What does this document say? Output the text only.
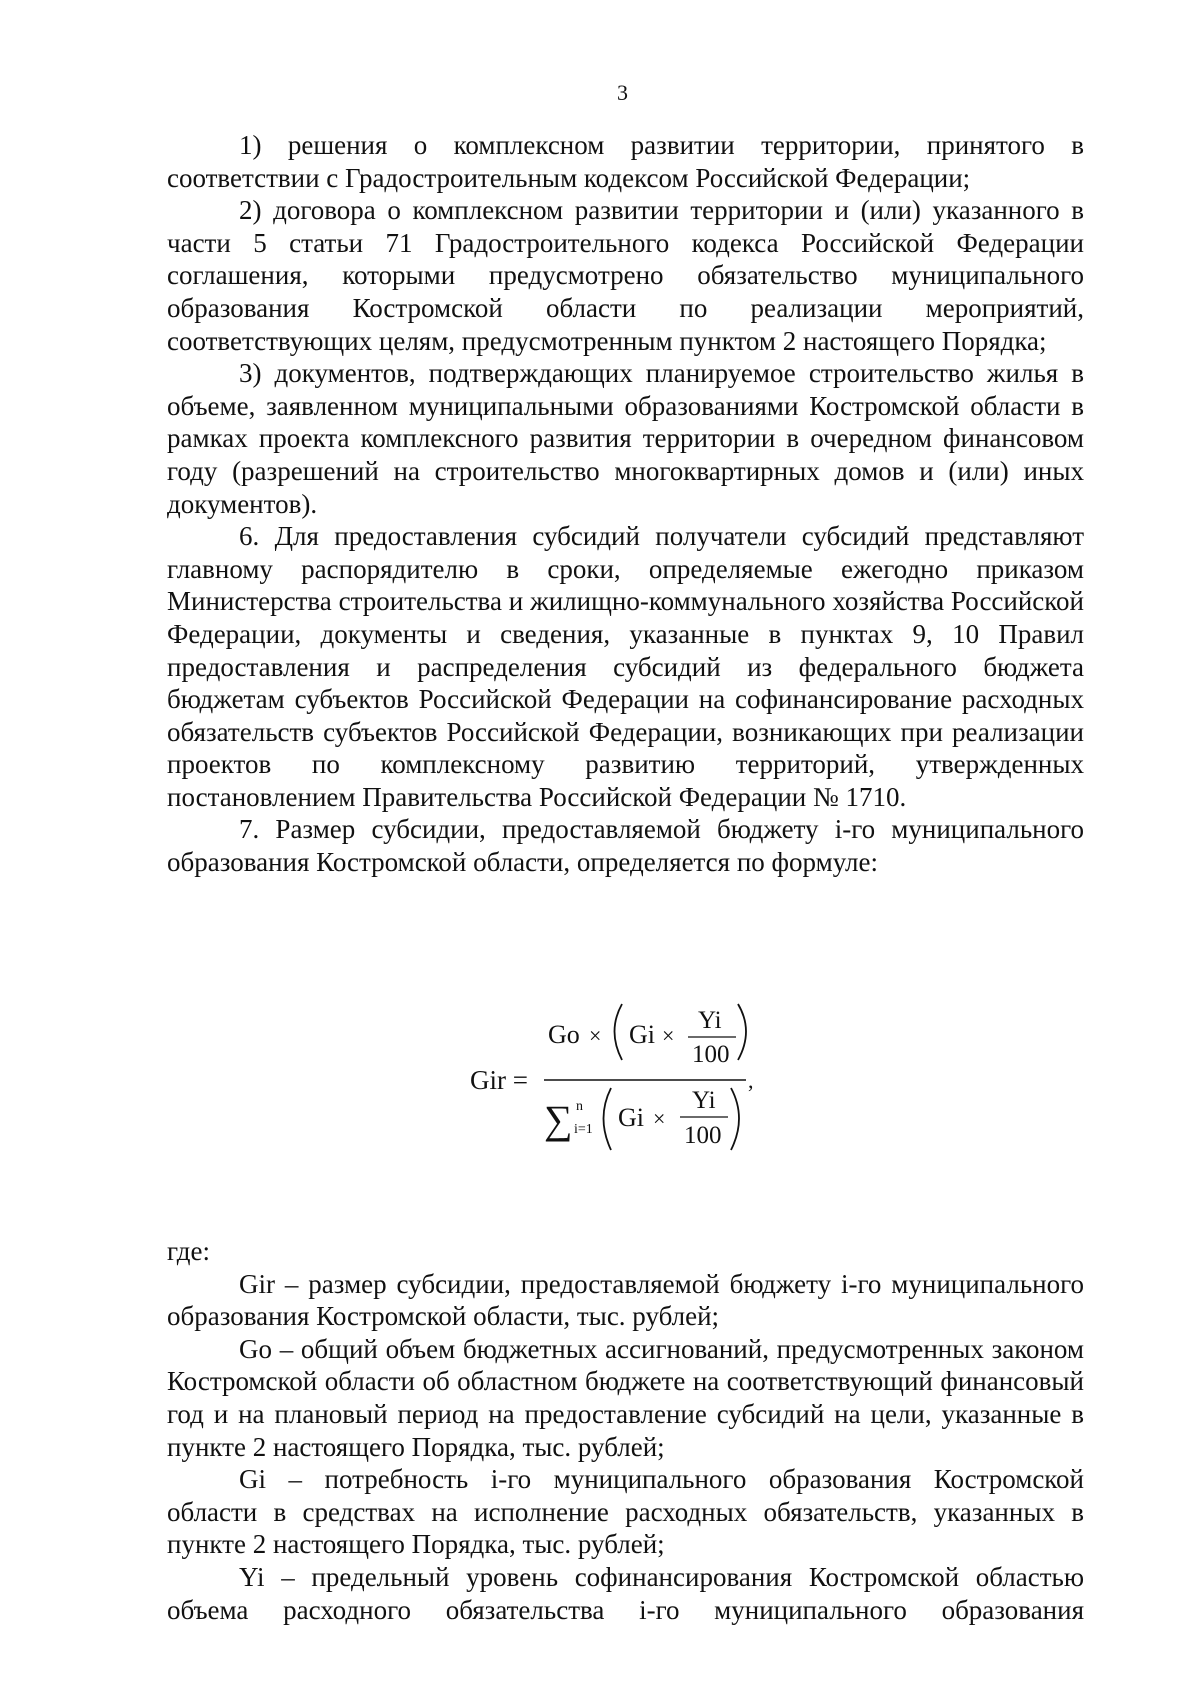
3

1) решения о комплексном развитии территории, принятого в соответствии с Градостроительным кодексом Российской Федерации;

2) договора о комплексном развитии территории и (или) указанного в части 5 статьи 71 Градостроительного кодекса Российской Федерации соглашения, которыми предусмотрено обязательство муниципального образования Костромской области по реализации мероприятий, соответствующих целям, предусмотренным пунктом 2 настоящего Порядка;

3) документов, подтверждающих планируемое строительство жилья в объеме, заявленном муниципальными образованиями Костромской области в рамках проекта комплексного развития территории в очередном финансовом году (разрешений на строительство многоквартирных домов и (или) иных документов).

6. Для предоставления субсидий получатели субсидий представляют главному распорядителю в сроки, определяемые ежегодно приказом Министерства строительства и жилищно-коммунального хозяйства Российской Федерации, документы и сведения, указанные в пунктах 9, 10 Правил предоставления и распределения субсидий из федерального бюджета бюджетам субъектов Российской Федерации на софинансирование расходных обязательств субъектов Российской Федерации, возникающих при реализации проектов по комплексному развитию территорий, утвержденных постановлением Правительства Российской Федерации № 1710.

7. Размер субсидии, предоставляемой бюджету i-го муниципального образования Костромской области, определяется по формуле:

Gir =
Go × Gi ×
Yi
100
,
∑ n
i=1 Gi ×
Yi
100

где:

Gir – размер субсидии, предоставляемой бюджету i-го муниципального образования Костромской области, тыс. рублей;

Go – общий объем бюджетных ассигнований, предусмотренных законом Костромской области об областном бюджете на соответствующий финансовый год и на плановый период на предоставление субсидий на цели, указанные в пункте 2 настоящего Порядка, тыс. рублей;

Gi – потребность i-го муниципального образования Костромской области в средствах на исполнение расходных обязательств, указанных в пункте 2 настоящего Порядка, тыс. рублей;

Yi – предельный уровень софинансирования Костромской областью объема расходного обязательства i-го муниципального образования
